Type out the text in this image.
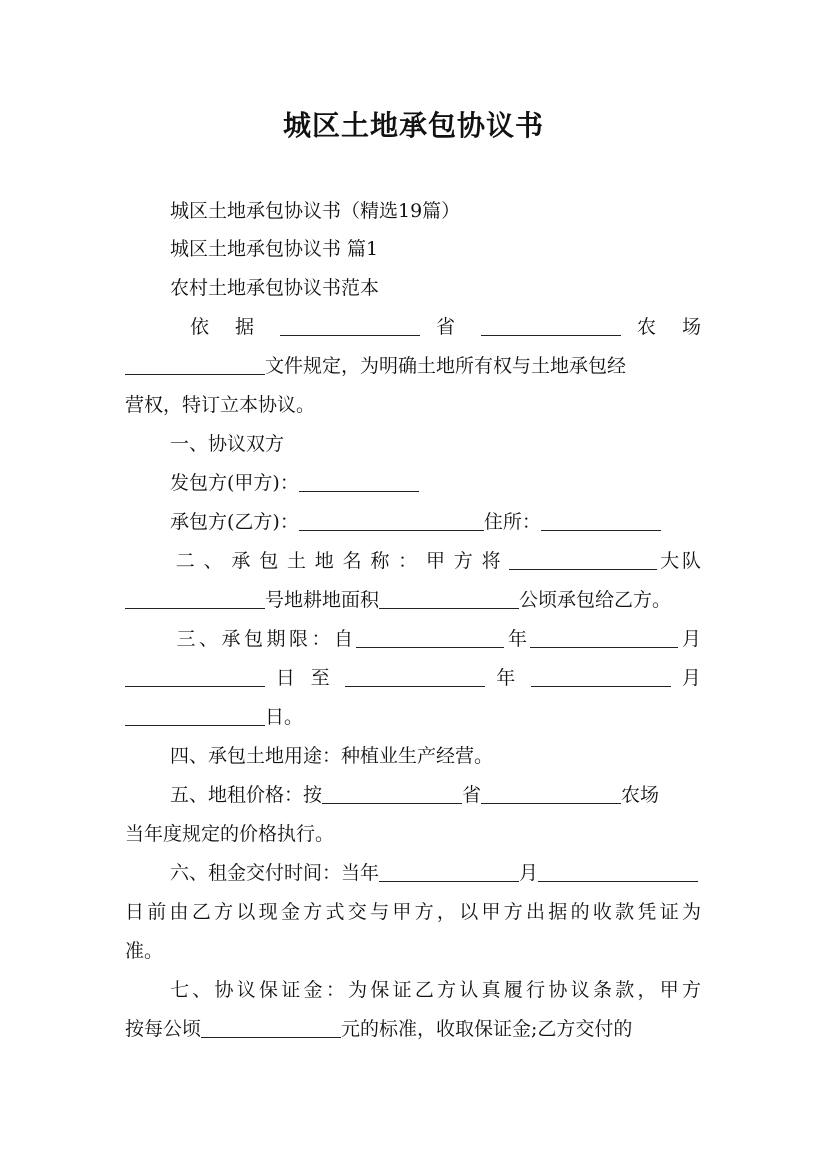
城区土地承包协议书
城区土地承包协议书（精选19篇）
城区土地承包协议书 篇1
农村土地承包协议书范本
依 据	省	农 场
文件规定，为明确土地所有权与土地承包经
营权，特订立本协议。
一、协议双方
发包方(甲方)：
承包方(乙方)：	住所：
二、承包土地名称：甲方将	大队
号地耕地面积	公顷承包给乙方。
三、承包期限：自	年	月
日 至	年	月
日。
四、承包土地用途：种植业生产经营。
五、地租价格：按	省	农场
当年度规定的价格执行。
六、租金交付时间：当年	月
日前由乙方以现金方式交与甲方，以甲方出据的收款凭证为
准。
七、协议保证金：为保证乙方认真履行协议条款，甲方
按每公顷	元的标准，收取保证金;乙方交付的
